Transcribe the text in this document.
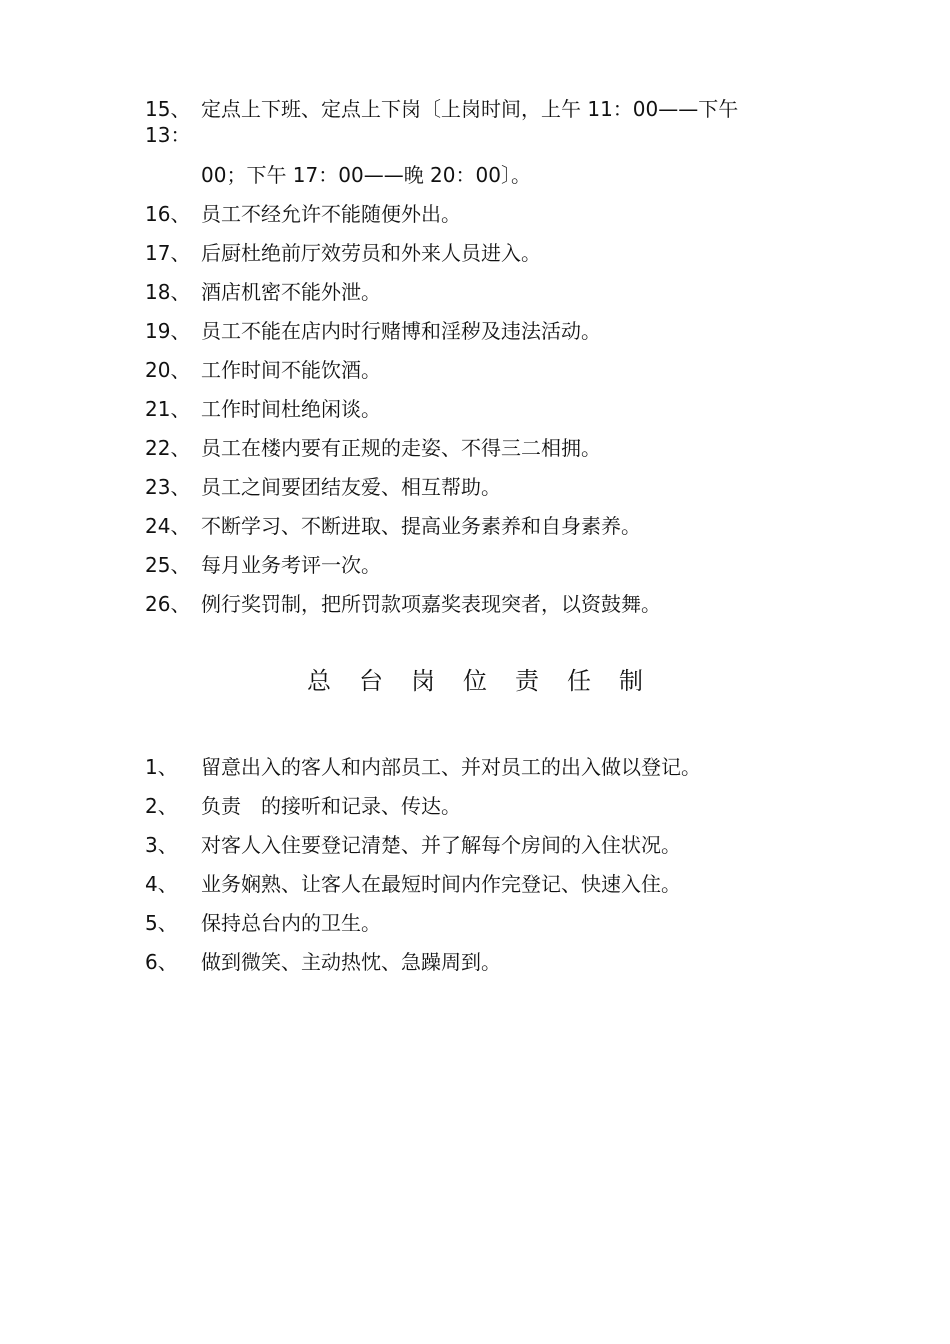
15、 定点上下班、定点上下岗〔上岗时间，上午 11：00——下午
13：
00；下午 17：00——晚 20：00〕。
16、 员工不经允许不能随便外出。
17、 后厨杜绝前厅效劳员和外来人员进入。
18、 酒店机密不能外泄。
19、 员工不能在店内时行赌博和淫秽及违法活动。
20、 工作时间不能饮酒。
21、 工作时间杜绝闲谈。
22、 员工在楼内要有正规的走姿、不得三二相拥。
23、 员工之间要团结友爱、相互帮助。
24、 不断学习、不断进取、提高业务素养和自身素养。
25、 每月业务考评一次。
26、 例行奖罚制，把所罚款项嘉奖表现突者，以资鼓舞。
总台岗位责任制
1、	留意出入的客人和内部员工、并对员工的出入做以登记。
2、	负责　的接听和记录、传达。
3、	对客人入住要登记清楚、并了解每个房间的入住状况。
4、	业务娴熟、让客人在最短时间内作完登记、快速入住。
5、	保持总台内的卫生。
6、	做到微笑、主动热忱、急躁周到。
